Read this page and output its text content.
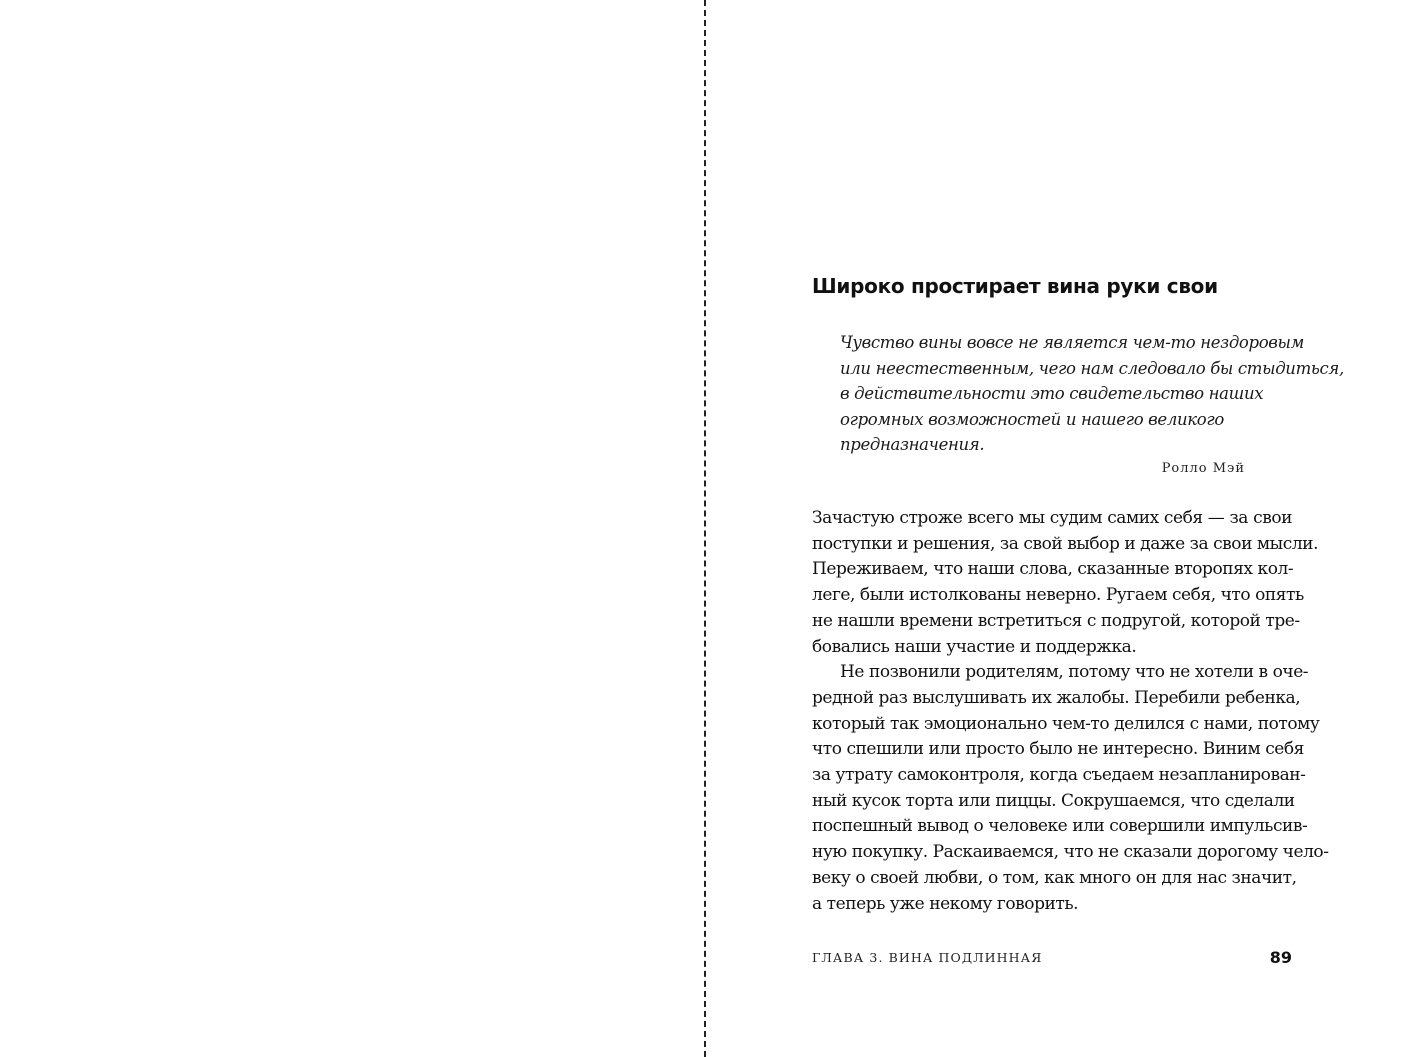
Широко простирает вина руки свои
Чувство вины вовсе не является чем-то нездоровым
или неестественным, чего нам следовало бы стыдиться,
в действительности это свидетельство наших
огромных возможностей и нашего великого
предназначения.
Ролло Мэй
Зачастую строже всего мы судим самих себя — за свои
поступки и решения, за свой выбор и даже за свои мысли.
Переживаем, что наши слова, сказанные второпях кол-
леге, были истолкованы неверно. Ругаем себя, что опять
не нашли времени встретиться с подругой, которой тре-
бовались наши участие и поддержка.
Не позвонили родителям, потому что не хотели в оче-
редной раз выслушивать их жалобы. Перебили ребенка,
который так эмоционально чем-то делился с нами, потому
что спешили или просто было не интересно. Виним себя
за утрату самоконтроля, когда съедаем незапланирован-
ный кусок торта или пиццы. Сокрушаемся, что сделали
поспешный вывод о человеке или совершили импульсив-
ную покупку. Раскаиваемся, что не сказали дорогому чело-
веку о своей любви, о том, как много он для нас значит,
а теперь уже некому говорить.
ГЛАВА 3. ВИНА ПОДЛИННАЯ	89
